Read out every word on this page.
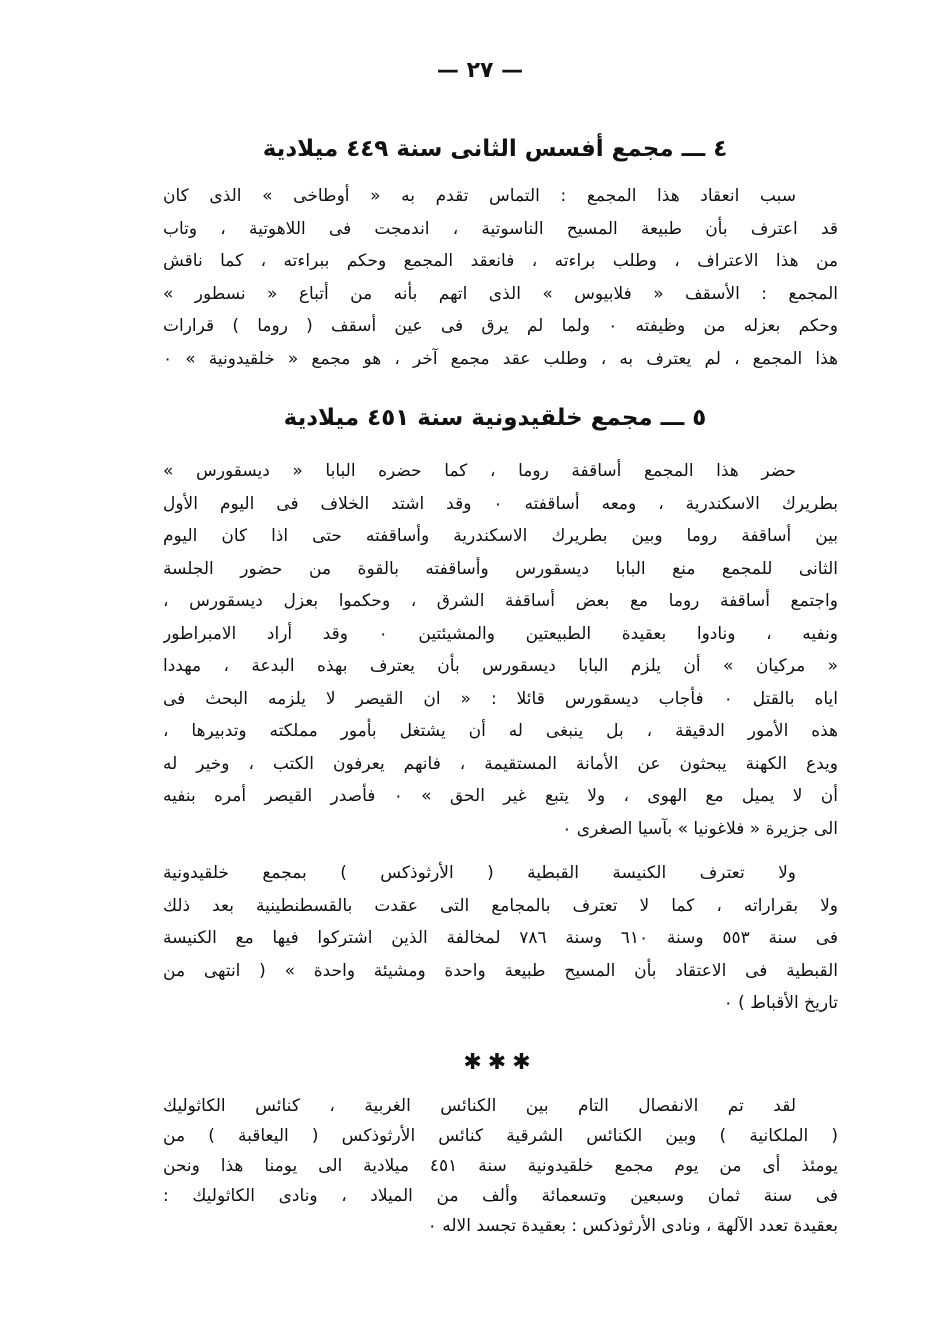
— ٢٧ —
٤ ـــ مجمع أفسس الثانى سنة ٤٤٩ ميلادية
سبب انعقاد هذا المجمع : التماس تقدم به « أوطاخى » الذى كان
قد اعترف بأن طبيعة المسيح الناسوتية ، اندمجت فى اللاهوتية ، وتاب
من هذا الاعتراف ، وطلب براءته ، فانعقد المجمع وحكم ببراءته ، كما ناقش
المجمع : الأسقف « فلابيوس » الذى اتهم بأنه من أتباع « نسطور »
وحكم بعزله من وظيفته ٠ ولما لم يرق فى عين أسقف ( روما ) قرارات
هذا المجمع ، لم يعترف به ، وطلب عقد مجمع آخر ، هو مجمع « خلقيدونية » ٠
٥ ـــ مجمع خلقيدونية سنة ٤٥١ ميلادية
حضر هذا المجمع أساقفة روما ، كما حضره البابا « ديسقورس »
بطريرك الاسكندرية ، ومعه أساقفته ٠ وقد اشتد الخلاف فى اليوم الأول
بين أساقفة روما وبين بطريرك الاسكندرية وأساقفته حتى اذا كان اليوم
الثانى للمجمع منع البابا ديسقورس وأساقفته بالقوة من حضور الجلسة
واجتمع أساقفة روما مع بعض أساقفة الشرق ، وحكموا بعزل ديسقورس ،
ونفيه ، ونادوا بعقيدة الطبيعتين والمشيئتين ٠ وقد أراد الامبراطور
« مركيان » أن يلزم البابا ديسقورس بأن يعترف بهذه البدعة ، مهددا
اياه بالقتل ٠ فأجاب ديسقورس قائلا : « ان القيصر لا يلزمه البحث فى
هذه الأمور الدقيقة ، بل ينبغى له أن يشتغل بأمور مملكته وتدبيرها ،
ويدع الكهنة يبحثون عن الأمانة المستقيمة ، فانهم يعرفون الكتب ، وخير له
أن لا يميل مع الهوى ، ولا يتبع غير الحق » ٠ فأصدر القيصر أمره بنفيه
الى جزيرة « فلاغونيا » بآسيا الصغرى ٠
ولا تعترف الكنيسة القبطية ( الأرثوذكس ) بمجمع خلقيدونية
ولا بقراراته ، كما لا تعترف بالمجامع التى عقدت بالقسطنطينية بعد ذلك
فى سنة ٥٥٣ وسنة ٦١٠ وسنة ٧٨٦ لمخالفة الذين اشتركوا فيها مع الكنيسة
القبطية فى الاعتقاد بأن المسيح طبيعة واحدة ومشيئة واحدة » ( انتهى من
تاريخ الأقباط ) ٠
✱✱✱
لقد تم الانفصال التام بين الكنائس الغربية ، كنائس الكاثوليك
( الملكانية ) وبين الكنائس الشرقية كنائس الأرثوذكس ( اليعاقبة ) من
يومئذ أى من يوم مجمع خلقيدونية سنة ٤٥١ ميلادية الى يومنا هذا ونحن
فى سنة ثمان وسبعين وتسعمائة وألف من الميلاد ، ونادى الكاثوليك :
بعقيدة تعدد الآلهة ، ونادى الأرثوذكس : بعقيدة تجسد الاله ٠
